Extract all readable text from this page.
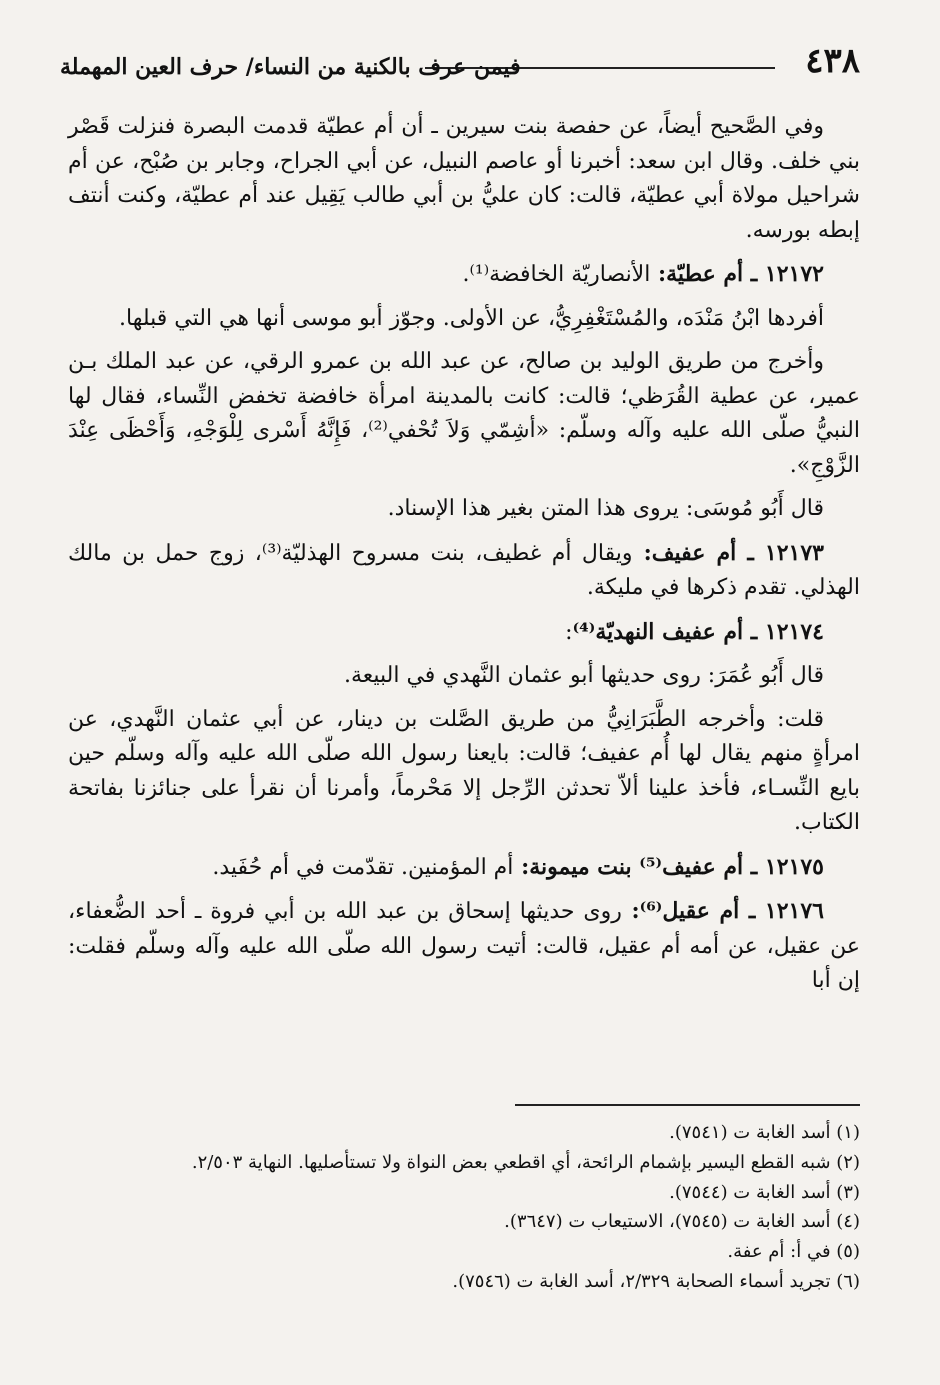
٤٣٨
فيمن عرف بالكنية من النساء/ حرف العين المهملة

وفي الصَّحيح أيضاً، عن حفصة بنت سيرين ـ أن أم عطيّة قدمت البصرة فنزلت قَصْر بني خلف. وقال ابن سعد: أخبرنا أو عاصم النبيل، عن أبي الجراح، وجابر بن صُبْح، عن أم شراحيل مولاة أبي عطيّة، قالت: كان عليُّ بن أبي طالب يَقِيل عند أم عطيّة، وكنت أنتف إبطه بورسه.

١٢١٧٢ ـ أم عطيّة: الأنصاريّة الخافضة⁽¹⁾.

أفردها ابْنُ مَنْدَه، والمُسْتَغْفِرِيُّ، عن الأولى. وجوّز أبو موسى أنها هي التي قبلها.

وأخرج من طريق الوليد بن صالح، عن عبد الله بن عمرو الرقي، عن عبد الملك بـن عمير، عن عطية القُرَظي؛ قالت: كانت بالمدينة امرأة خافضة تخفض النِّساء، فقال لها النبيُّ صلّى الله عليه وآله وسلّم: «أشِمّي وَلاَ تُحْفي⁽²⁾، فَإِنَّهُ أَسْرى لِلْوَجْهِ، وَأَحْظَى عِنْدَ الزَّوْجِ».

قال أَبُو مُوسَى: يروى هذا المتن بغير هذا الإسناد.

١٢١٧٣ ـ أم عفيف: ويقال أم غطيف، بنت مسروح الهذليّة⁽³⁾، زوج حمل بن مالك الهذلي. تقدم ذكرها في مليكة.

١٢١٧٤ ـ أم عفيف النهديّة⁽⁴⁾:

قال أَبُو عُمَرَ: روى حديثها أبو عثمان النَّهدي في البيعة.

قلت: وأخرجه الطَّبَرَانِيُّ من طريق الصَّلت بن دينار، عن أبي عثمان النَّهدي، عن امرأةٍ منهم يقال لها أُم عفيف؛ قالت: بايعنا رسول الله صلّى الله عليه وآله وسلّم حين بايع النِّسـاء، فأخذ علينا ألاّ تحدثن الرِّجل إلا مَحْرماً، وأمرنا أن نقرأ على جنائزنا بفاتحة الكتاب.

١٢١٧٥ ـ أم عفيف⁽⁵⁾ بنت ميمونة: أم المؤمنين. تقدّمت في أم حُفَيد.

١٢١٧٦ ـ أم عقيل⁽⁶⁾: روى حديثها إسحاق بن عبد الله بن أبي فروة ـ أحد الضُّعفاء، عن عقيل، عن أمه أم عقيل، قالت: أتيت رسول الله صلّى الله عليه وآله وسلّم فقلت: إن أبا

(١) أسد الغابة ت (٧٥٤١).

(٢) شبه القطع اليسير بإشمام الرائحة، أي اقطعي بعض النواة ولا تستأصليها. النهاية ٢/٥٠٣.

(٣) أسد الغابة ت (٧٥٤٤).

(٤) أسد الغابة ت (٧٥٤٥)، الاستيعاب ت (٣٦٤٧).

(٥) في أ: أم عفة.

(٦) تجريد أسماء الصحابة ٢/٣٢٩، أسد الغابة ت (٧٥٤٦).
